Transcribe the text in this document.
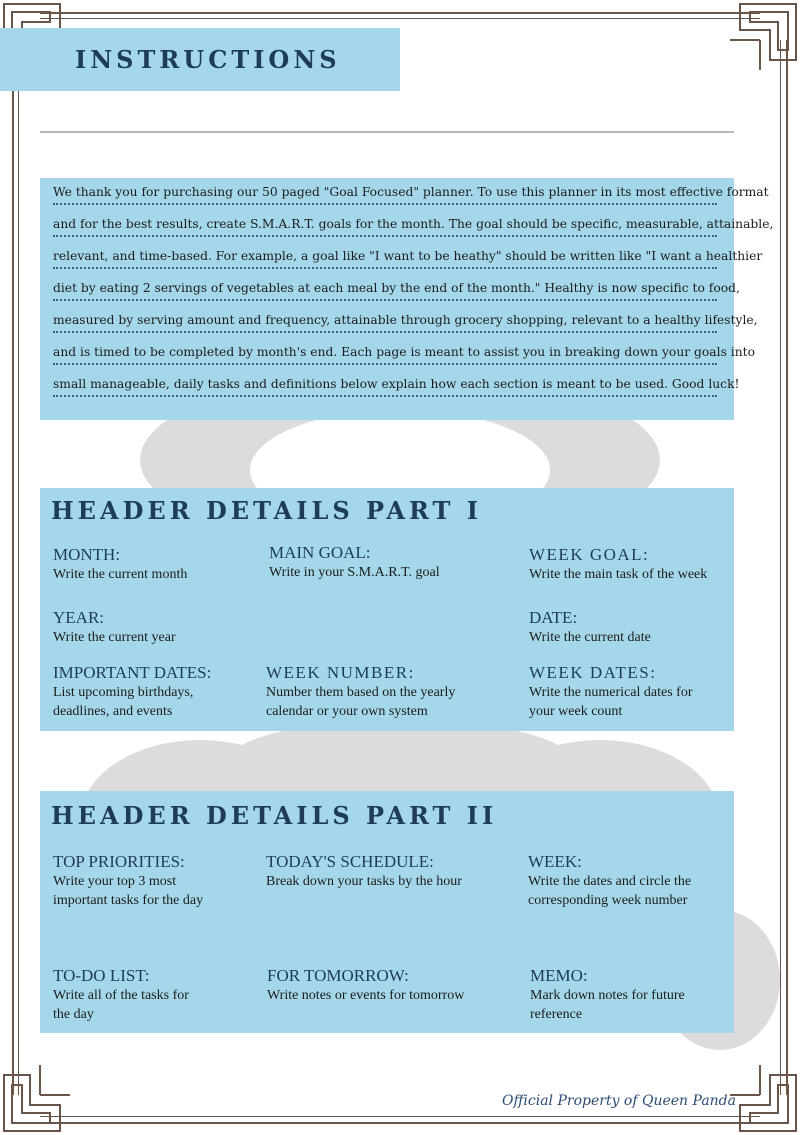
INSTRUCTIONS
We thank you for purchasing our 50 paged "Goal Focused" planner. To use this planner in its most effective format
and for the best results, create S.M.A.R.T. goals for the month. The goal should be specific, measurable, attainable,
relevant, and time-based. For example, a goal like "I want to be heathy" should be written like "I want a healthier
diet by eating 2 servings of vegetables at each meal by the end of the month." Healthy is now specific to food,
measured by serving amount and frequency, attainable through grocery shopping, relevant to a healthy lifestyle,
and is timed to be completed by month's end. Each page is meant to assist you in breaking down your goals into
small manageable, daily tasks and definitions below explain how each section is meant to be used. Good luck!
HEADER DETAILS PART I
MONTH:
Write the current month
MAIN GOAL:
Write in your S.M.A.R.T. goal
WEEK GOAL:
Write the main task of the week
YEAR:
Write the current year
DATE:
Write the current date
IMPORTANT DATES:
List upcoming birthdays,
deadlines, and events
WEEK NUMBER:
Number them based on the yearly
calendar or your own system
WEEK DATES:
Write the numerical dates for
your week count
HEADER DETAILS PART II
TOP PRIORITIES:
Write your top 3 most
important tasks for the day
TODAY'S SCHEDULE:
Break down your tasks by the hour
WEEK:
Write the dates and circle the
corresponding week number
TO-DO LIST:
Write all of the tasks for
the day
FOR TOMORROW:
Write notes or events for tomorrow
MEMO:
Mark down notes for future
reference
Official Property of Queen Panda
